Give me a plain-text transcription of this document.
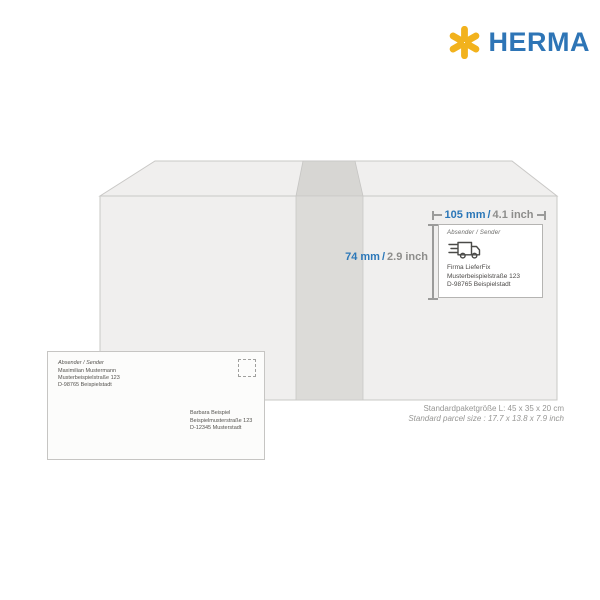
HERMA
105 mm / 4.1 inch
74 mm / 2.9 inch
Absender / Sender
Firma LieferFix
Musterbeispielstraße 123
D-98765 Beispielstadt
Absender / Sender
Maximilian Mustermann
Musterbeispielstraße 123
D-98765 Beispielstadt
Barbara Beispiel
Beispielmusterstraße 123
D-12345 Musterstadt
Standardpaketgröße L: 45 x 35 x 20 cm
Standard parcel size : 17.7 x 13.8 x 7.9 inch
